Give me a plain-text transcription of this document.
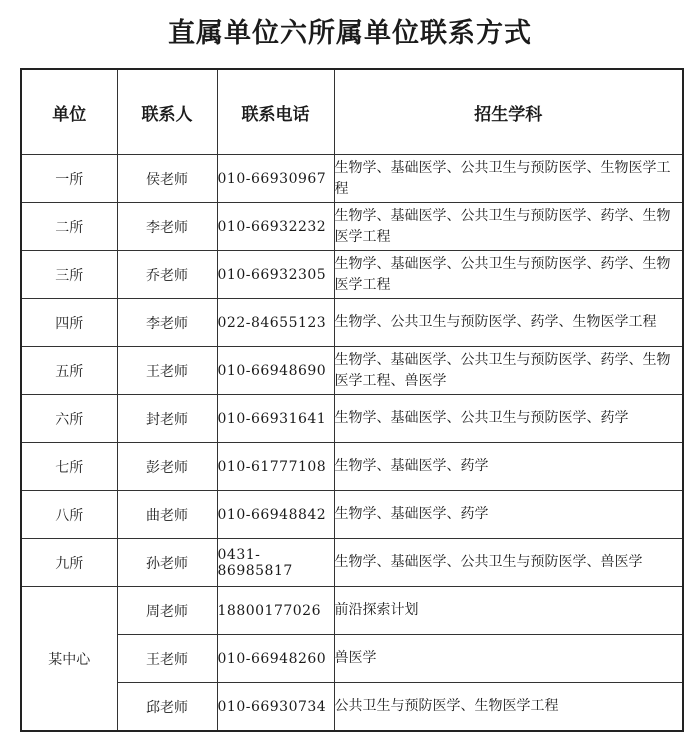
直属单位六所属单位联系方式
单位	联系人	联系电话	招生学科
一所	侯老师	010-66930967	生物学、基础医学、公共卫生与预防医学、生物医学工程
二所	李老师	010-66932232	生物学、基础医学、公共卫生与预防医学、药学、生物医学工程
三所	乔老师	010-66932305	生物学、基础医学、公共卫生与预防医学、药学、生物医学工程
四所	李老师	022-84655123	生物学、公共卫生与预防医学、药学、生物医学工程
五所	王老师	010-66948690	生物学、基础医学、公共卫生与预防医学、药学、生物医学工程、兽医学
六所	封老师	010-66931641	生物学、基础医学、公共卫生与预防医学、药学
七所	彭老师	010-61777108	生物学、基础医学、药学
八所	曲老师	010-66948842	生物学、基础医学、药学
九所	孙老师	0431-86985817	生物学、基础医学、公共卫生与预防医学、兽医学
某中心	周老师	18800177026	前沿探索计划
	王老师	010-66948260	兽医学
	邱老师	010-66930734	公共卫生与预防医学、生物医学工程
